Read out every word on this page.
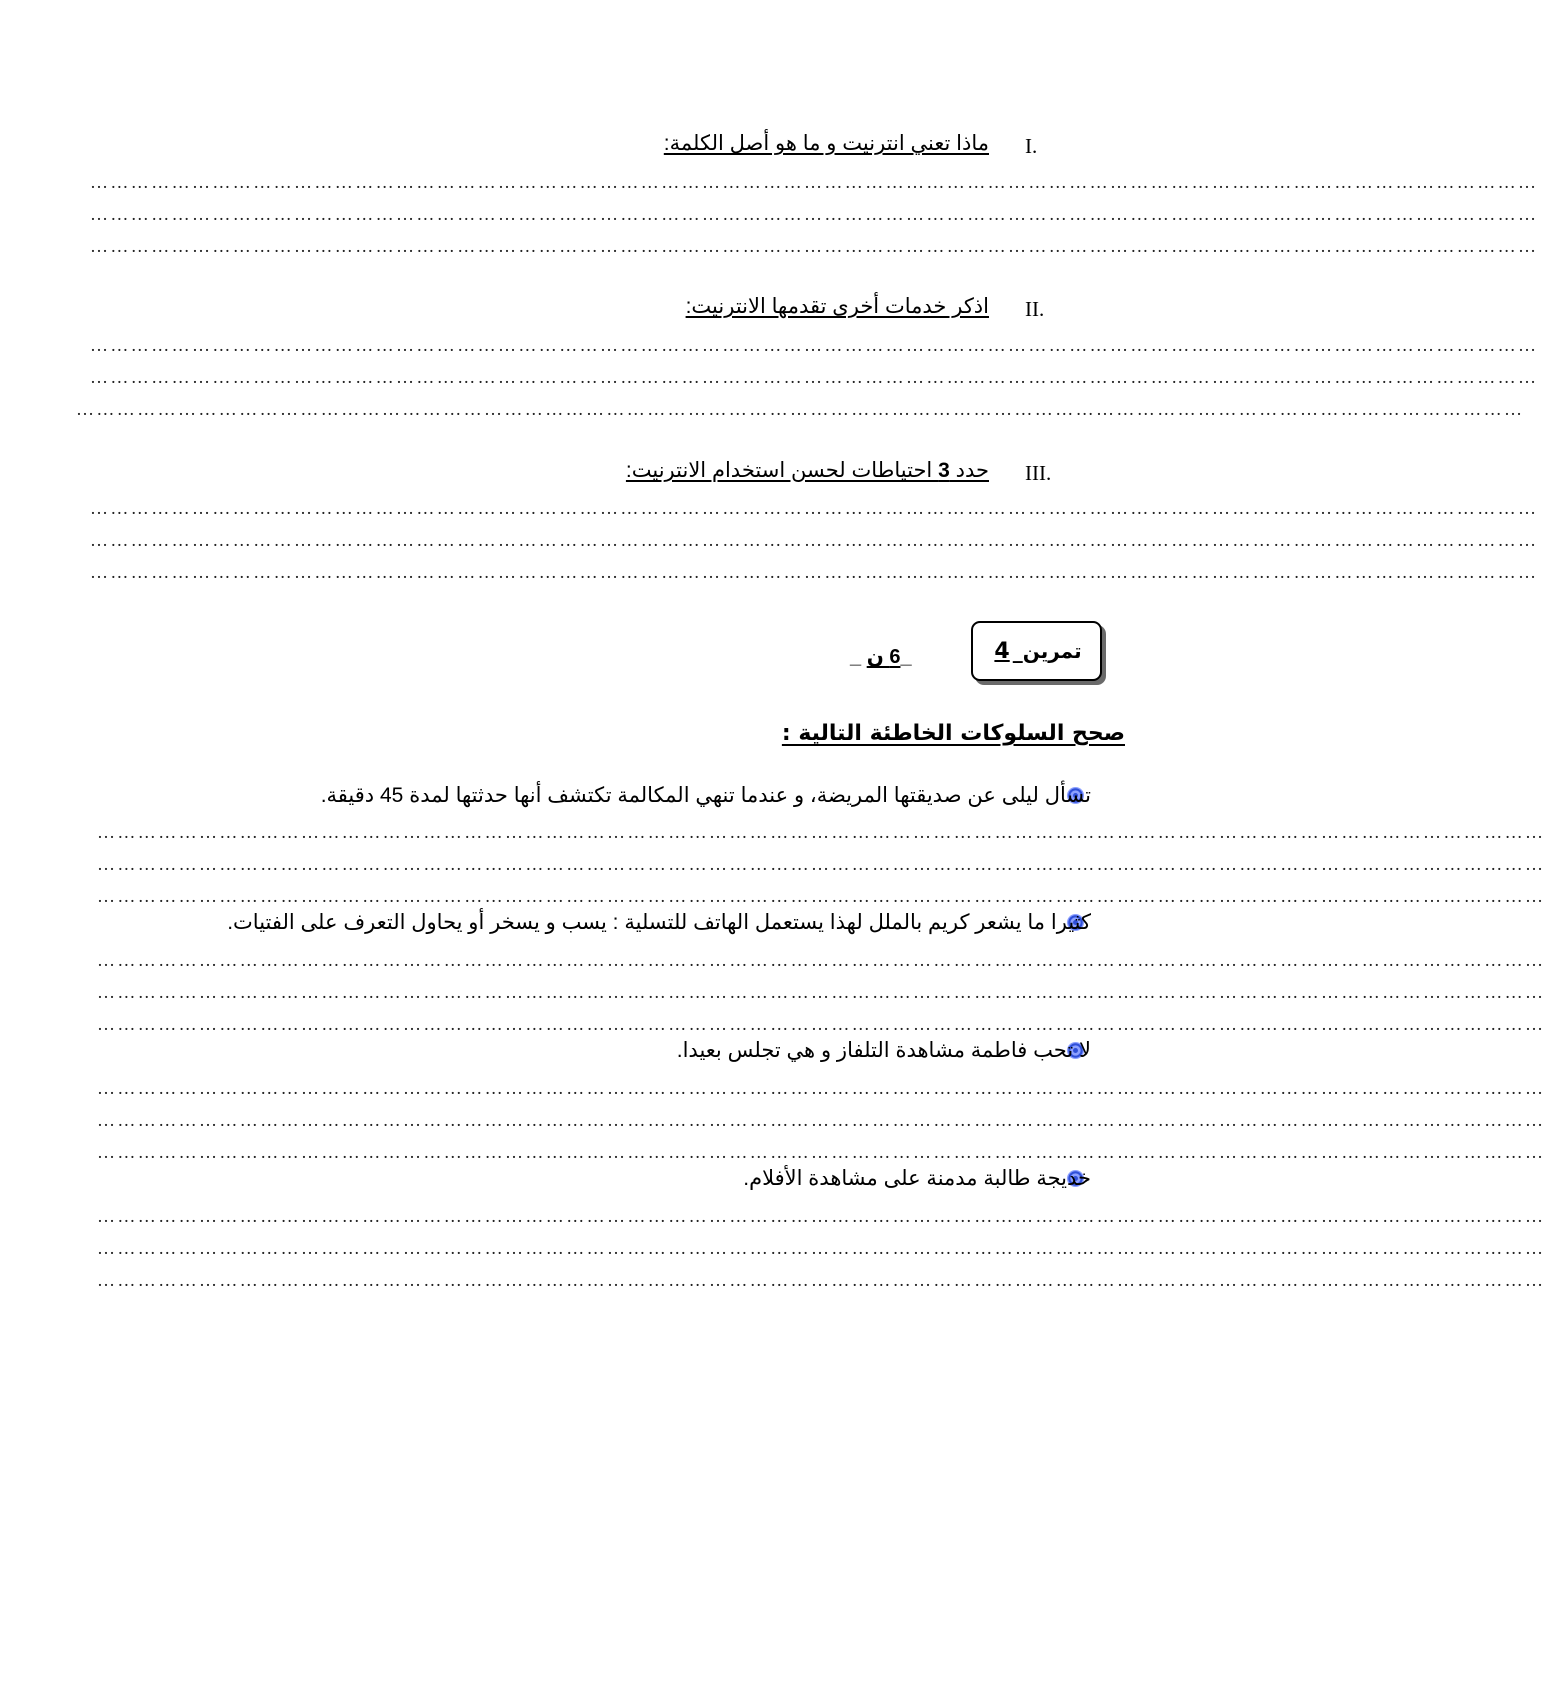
I.
ماذا تعني انترنيت و ما هو أصل الكلمة:
……………………………………………………………………………………………………………………………………………………………………………………………
……………………………………………………………………………………………………………………………………………………………………………………………
……………………………………………………………………………………………………………………………………………………………………………………………
II.
اذكر خدمات أخرى تقدمها الانترنيت:
……………………………………………………………………………………………………………………………………………………………………………………………
……………………………………………………………………………………………………………………………………………………………………………………………
……………………………………………………………………………………………………………………………………………………………………………………………
III.
حدد 3 احتياطات لحسن استخدام الانترنيت:
……………………………………………………………………………………………………………………………………………………………………………………………
……………………………………………………………………………………………………………………………………………………………………………………………
……………………………………………………………………………………………………………………………………………………………………………………………
تمرين
_
4
_6 ن _
صحح السلوكات الخاطئة التالية :
تسأل ليلى عن صديقتها المريضة، و عندما تنهي المكالمة تكتشف أنها حدثتها لمدة 45 دقيقة.
……………………………………………………………………………………………………………………………………………………………………………………………
……………………………………………………………………………………………………………………………………………………………………………………………
……………………………………………………………………………………………………………………………………………………………………………………………
كثيرا ما يشعر كريم بالملل لهذا يستعمل الهاتف للتسلية : يسب و يسخر أو يحاول التعرف على الفتيات.
……………………………………………………………………………………………………………………………………………………………………………………………
……………………………………………………………………………………………………………………………………………………………………………………………
……………………………………………………………………………………………………………………………………………………………………………………………
لا تحب فاطمة مشاهدة التلفاز و هي تجلس بعيدا.
……………………………………………………………………………………………………………………………………………………………………………………………
……………………………………………………………………………………………………………………………………………………………………………………………
……………………………………………………………………………………………………………………………………………………………………………………………
خديجة طالبة مدمنة على مشاهدة الأفلام.
……………………………………………………………………………………………………………………………………………………………………………………………
……………………………………………………………………………………………………………………………………………………………………………………………
……………………………………………………………………………………………………………………………………………………………………………………………
